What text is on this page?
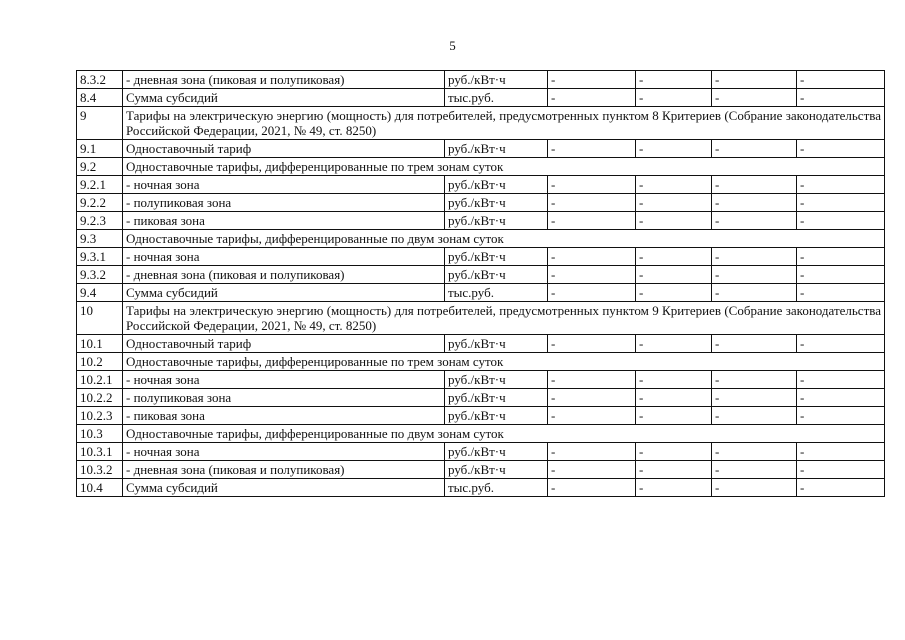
5
8.3.2	- дневная зона (пиковая и полупиковая)	руб./кВт·ч	-	-	-	-
8.4	Сумма субсидий	тыс.руб.	-	-	-	-
9	Тарифы на электрическую энергию (мощность) для потребителей, предусмотренных пунктом 8 Критериев (Собрание законодательства Российской Федерации, 2021, № 49, ст. 8250)					
9.1	Одноставочный тариф	руб./кВт·ч	-	-	-	-
9.2	Одноставочные тарифы, дифференцированные по трем зонам суток					
9.2.1	- ночная зона	руб./кВт·ч	-	-	-	-
9.2.2	- полупиковая зона	руб./кВт·ч	-	-	-	-
9.2.3	- пиковая зона	руб./кВт·ч	-	-	-	-
9.3	Одноставочные тарифы, дифференцированные по двум зонам суток					
9.3.1	- ночная зона	руб./кВт·ч	-	-	-	-
9.3.2	- дневная зона (пиковая и полупиковая)	руб./кВт·ч	-	-	-	-
9.4	Сумма субсидий	тыс.руб.	-	-	-	-
10	Тарифы на электрическую энергию (мощность) для потребителей, предусмотренных пунктом 9 Критериев (Собрание законодательства Российской Федерации, 2021, № 49, ст. 8250)					
10.1	Одноставочный тариф	руб./кВт·ч	-	-	-	-
10.2	Одноставочные тарифы, дифференцированные по трем зонам суток					
10.2.1	- ночная зона	руб./кВт·ч	-	-	-	-
10.2.2	- полупиковая зона	руб./кВт·ч	-	-	-	-
10.2.3	- пиковая зона	руб./кВт·ч	-	-	-	-
10.3	Одноставочные тарифы, дифференцированные по двум зонам суток					
10.3.1	- ночная зона	руб./кВт·ч	-	-	-	-
10.3.2	- дневная зона (пиковая и полупиковая)	руб./кВт·ч	-	-	-	-
10.4	Сумма субсидий	тыс.руб.	-	-	-	-
